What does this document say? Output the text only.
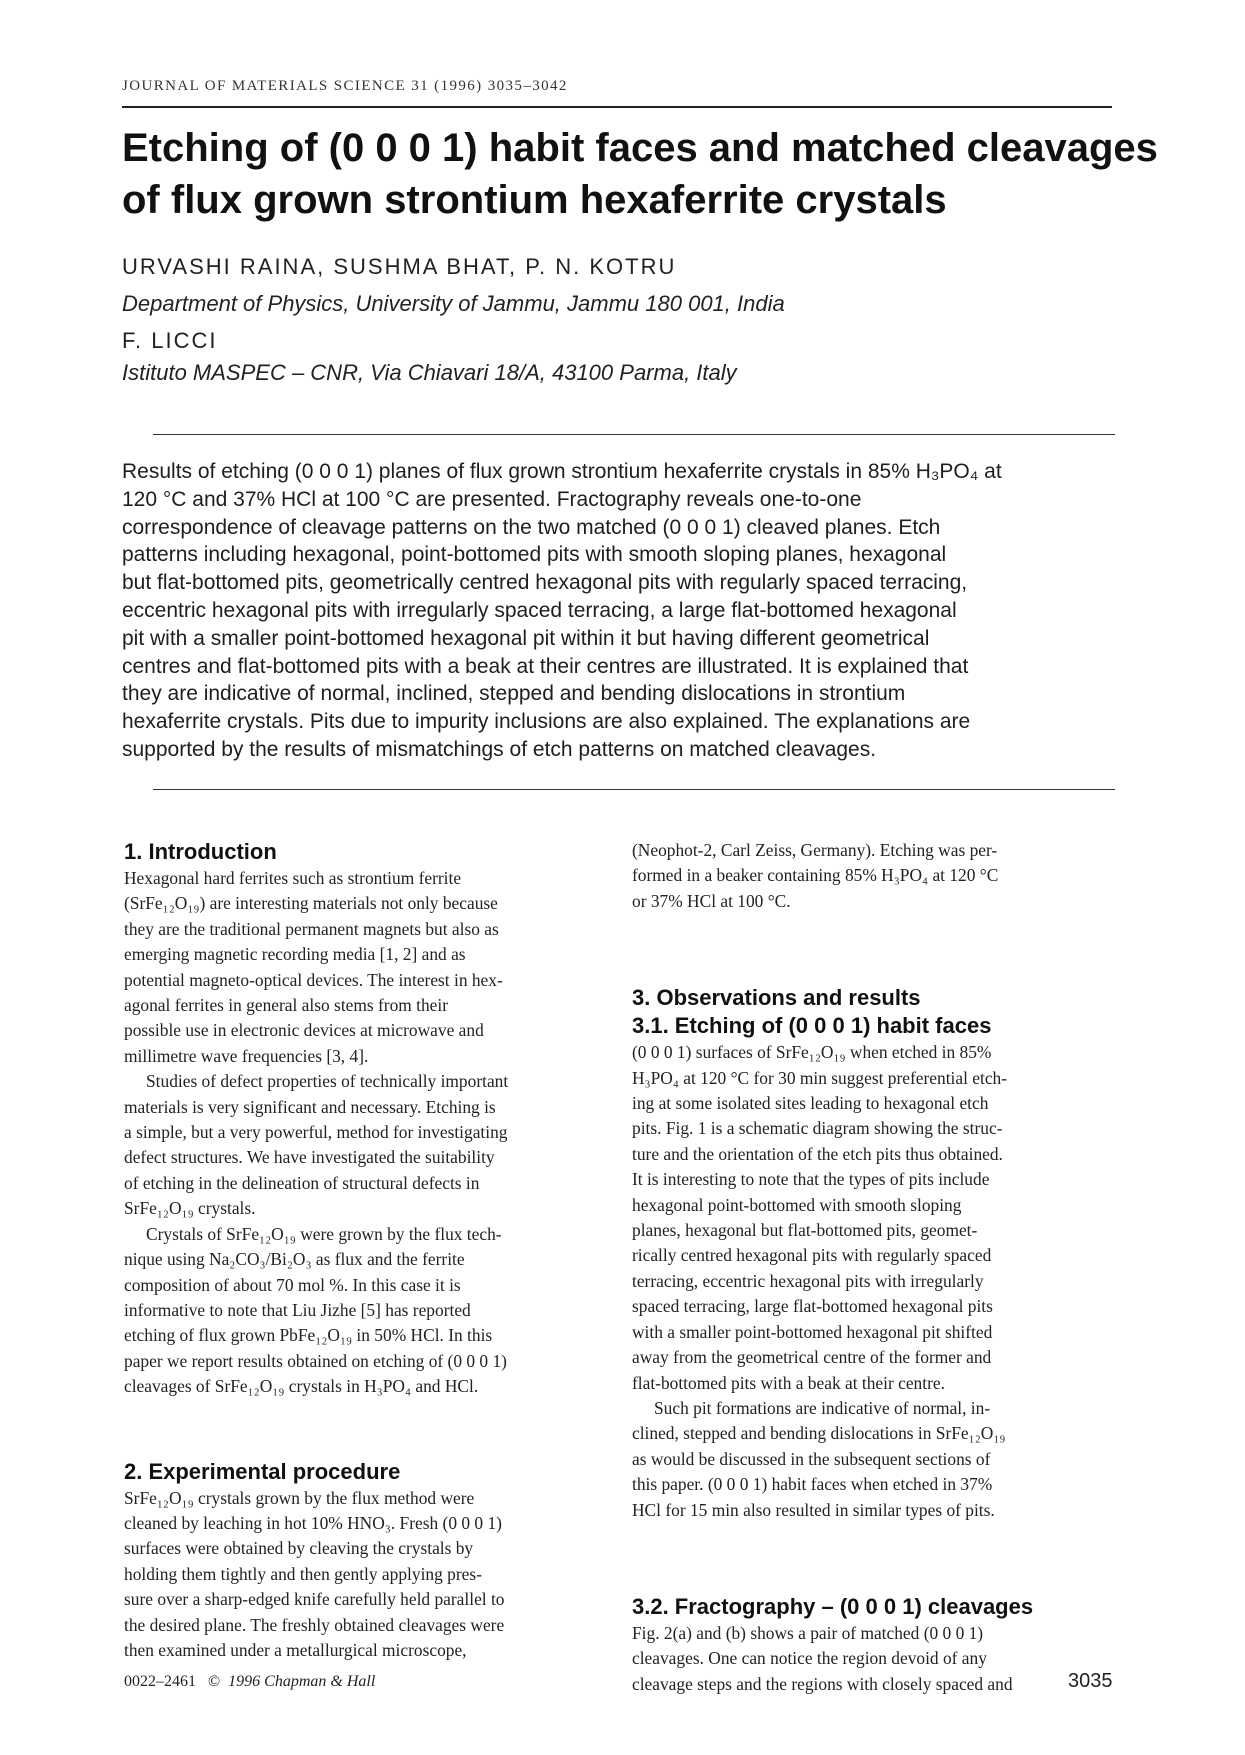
JOURNAL OF MATERIALS SCIENCE 31 (1996) 3035–3042
Etching of (0 0 0 1) habit faces and matched cleavages
of flux grown strontium hexaferrite crystals
URVASHI RAINA, SUSHMA BHAT, P. N. KOTRU
Department of Physics, University of Jammu, Jammu 180 001, India
F. LICCI
Istituto MASPEC – CNR, Via Chiavari 18/A, 43100 Parma, Italy
Results of etching (0 0 0 1) planes of flux grown strontium hexaferrite crystals in 85% H₃PO₄ at
120 °C and 37% HCl at 100 °C are presented. Fractography reveals one-to-one
correspondence of cleavage patterns on the two matched (0 0 0 1) cleaved planes. Etch
patterns including hexagonal, point-bottomed pits with smooth sloping planes, hexagonal
but flat-bottomed pits, geometrically centred hexagonal pits with regularly spaced terracing,
eccentric hexagonal pits with irregularly spaced terracing, a large flat-bottomed hexagonal
pit with a smaller point-bottomed hexagonal pit within it but having different geometrical
centres and flat-bottomed pits with a beak at their centres are illustrated. It is explained that
they are indicative of normal, inclined, stepped and bending dislocations in strontium
hexaferrite crystals. Pits due to impurity inclusions are also explained. The explanations are
supported by the results of mismatchings of etch patterns on matched cleavages.
1. Introduction

Hexagonal hard ferrites such as strontium ferrite
(SrFe₁₂O₁₉) are interesting materials not only because
they are the traditional permanent magnets but also as
emerging magnetic recording media [1, 2] and as
potential magneto-optical devices. The interest in hex-
agonal ferrites in general also stems from their
possible use in electronic devices at microwave and
millimetre wave frequencies [3, 4].

Studies of defect properties of technically important
materials is very significant and necessary. Etching is
a simple, but a very powerful, method for investigating
defect structures. We have investigated the suitability
of etching in the delineation of structural defects in
SrFe₁₂O₁₉ crystals.

Crystals of SrFe₁₂O₁₉ were grown by the flux tech-
nique using Na₂CO₃/Bi₂O₃ as flux and the ferrite
composition of about 70 mol %. In this case it is
informative to note that Liu Jizhe [5] has reported
etching of flux grown PbFe₁₂O₁₉ in 50% HCl. In this
paper we report results obtained on etching of (0 0 0 1)
cleavages of SrFe₁₂O₁₉ crystals in H₃PO₄ and HCl.

2. Experimental procedure

SrFe₁₂O₁₉ crystals grown by the flux method were
cleaned by leaching in hot 10% HNO₃. Fresh (0 0 0 1)
surfaces were obtained by cleaving the crystals by
holding them tightly and then gently applying pres-
sure over a sharp-edged knife carefully held parallel to
the desired plane. The freshly obtained cleavages were
then examined under a metallurgical microscope,

(Neophot-2, Carl Zeiss, Germany). Etching was per-
formed in a beaker containing 85% H₃PO₄ at 120 °C
or 37% HCl at 100 °C.

3. Observations and results
3.1. Etching of (0 0 0 1) habit faces

(0 0 0 1) surfaces of SrFe₁₂O₁₉ when etched in 85%
H₃PO₄ at 120 °C for 30 min suggest preferential etch-
ing at some isolated sites leading to hexagonal etch
pits. Fig. 1 is a schematic diagram showing the struc-
ture and the orientation of the etch pits thus obtained.
It is interesting to note that the types of pits include
hexagonal point-bottomed with smooth sloping
planes, hexagonal but flat-bottomed pits, geomet-
rically centred hexagonal pits with regularly spaced
terracing, eccentric hexagonal pits with irregularly
spaced terracing, large flat-bottomed hexagonal pits
with a smaller point-bottomed hexagonal pit shifted
away from the geometrical centre of the former and
flat-bottomed pits with a beak at their centre.

Such pit formations are indicative of normal, in-
clined, stepped and bending dislocations in SrFe₁₂O₁₉
as would be discussed in the subsequent sections of
this paper. (0 0 0 1) habit faces when etched in 37%
HCl for 15 min also resulted in similar types of pits.

3.2. Fractography – (0 0 0 1) cleavages

Fig. 2(a) and (b) shows a pair of matched (0 0 0 1)
cleavages. One can notice the region devoid of any
cleavage steps and the regions with closely spaced and

0022–2461 © 1996 Chapman & Hall	3035
